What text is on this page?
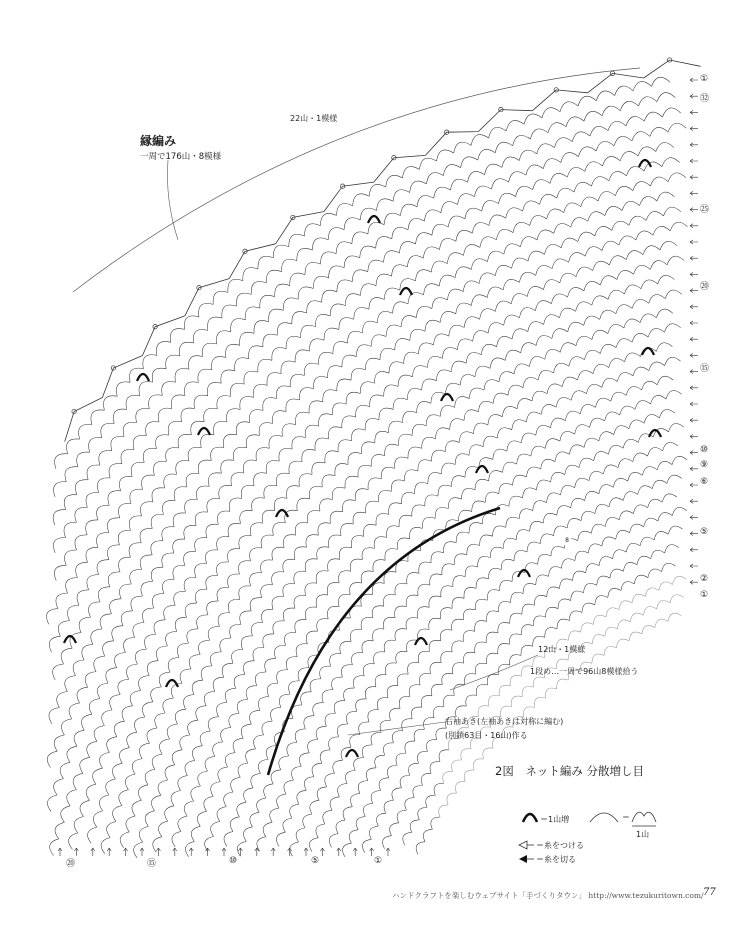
縁編み
一周で176山・8模様
22山・1模様
12山・1模様
1段め…一周で96山8模様拾う
右袖あき(左袖あきは対称に編む)
(別鎖63目・16山)作る
2図　ネット編み 分散増し目
＝1山増	＝
1山
＝糸をつける
＝糸を切る
8
①
㉜
㉕
⑳
⑮
⑩
⑨
⑥
⑤
②
①
⑳	⑮	⑩	⑤	①
ハンドクラフトを楽しむウェブサイト「手づくりタウン」 http://www.tezukuritown.com/ 77
